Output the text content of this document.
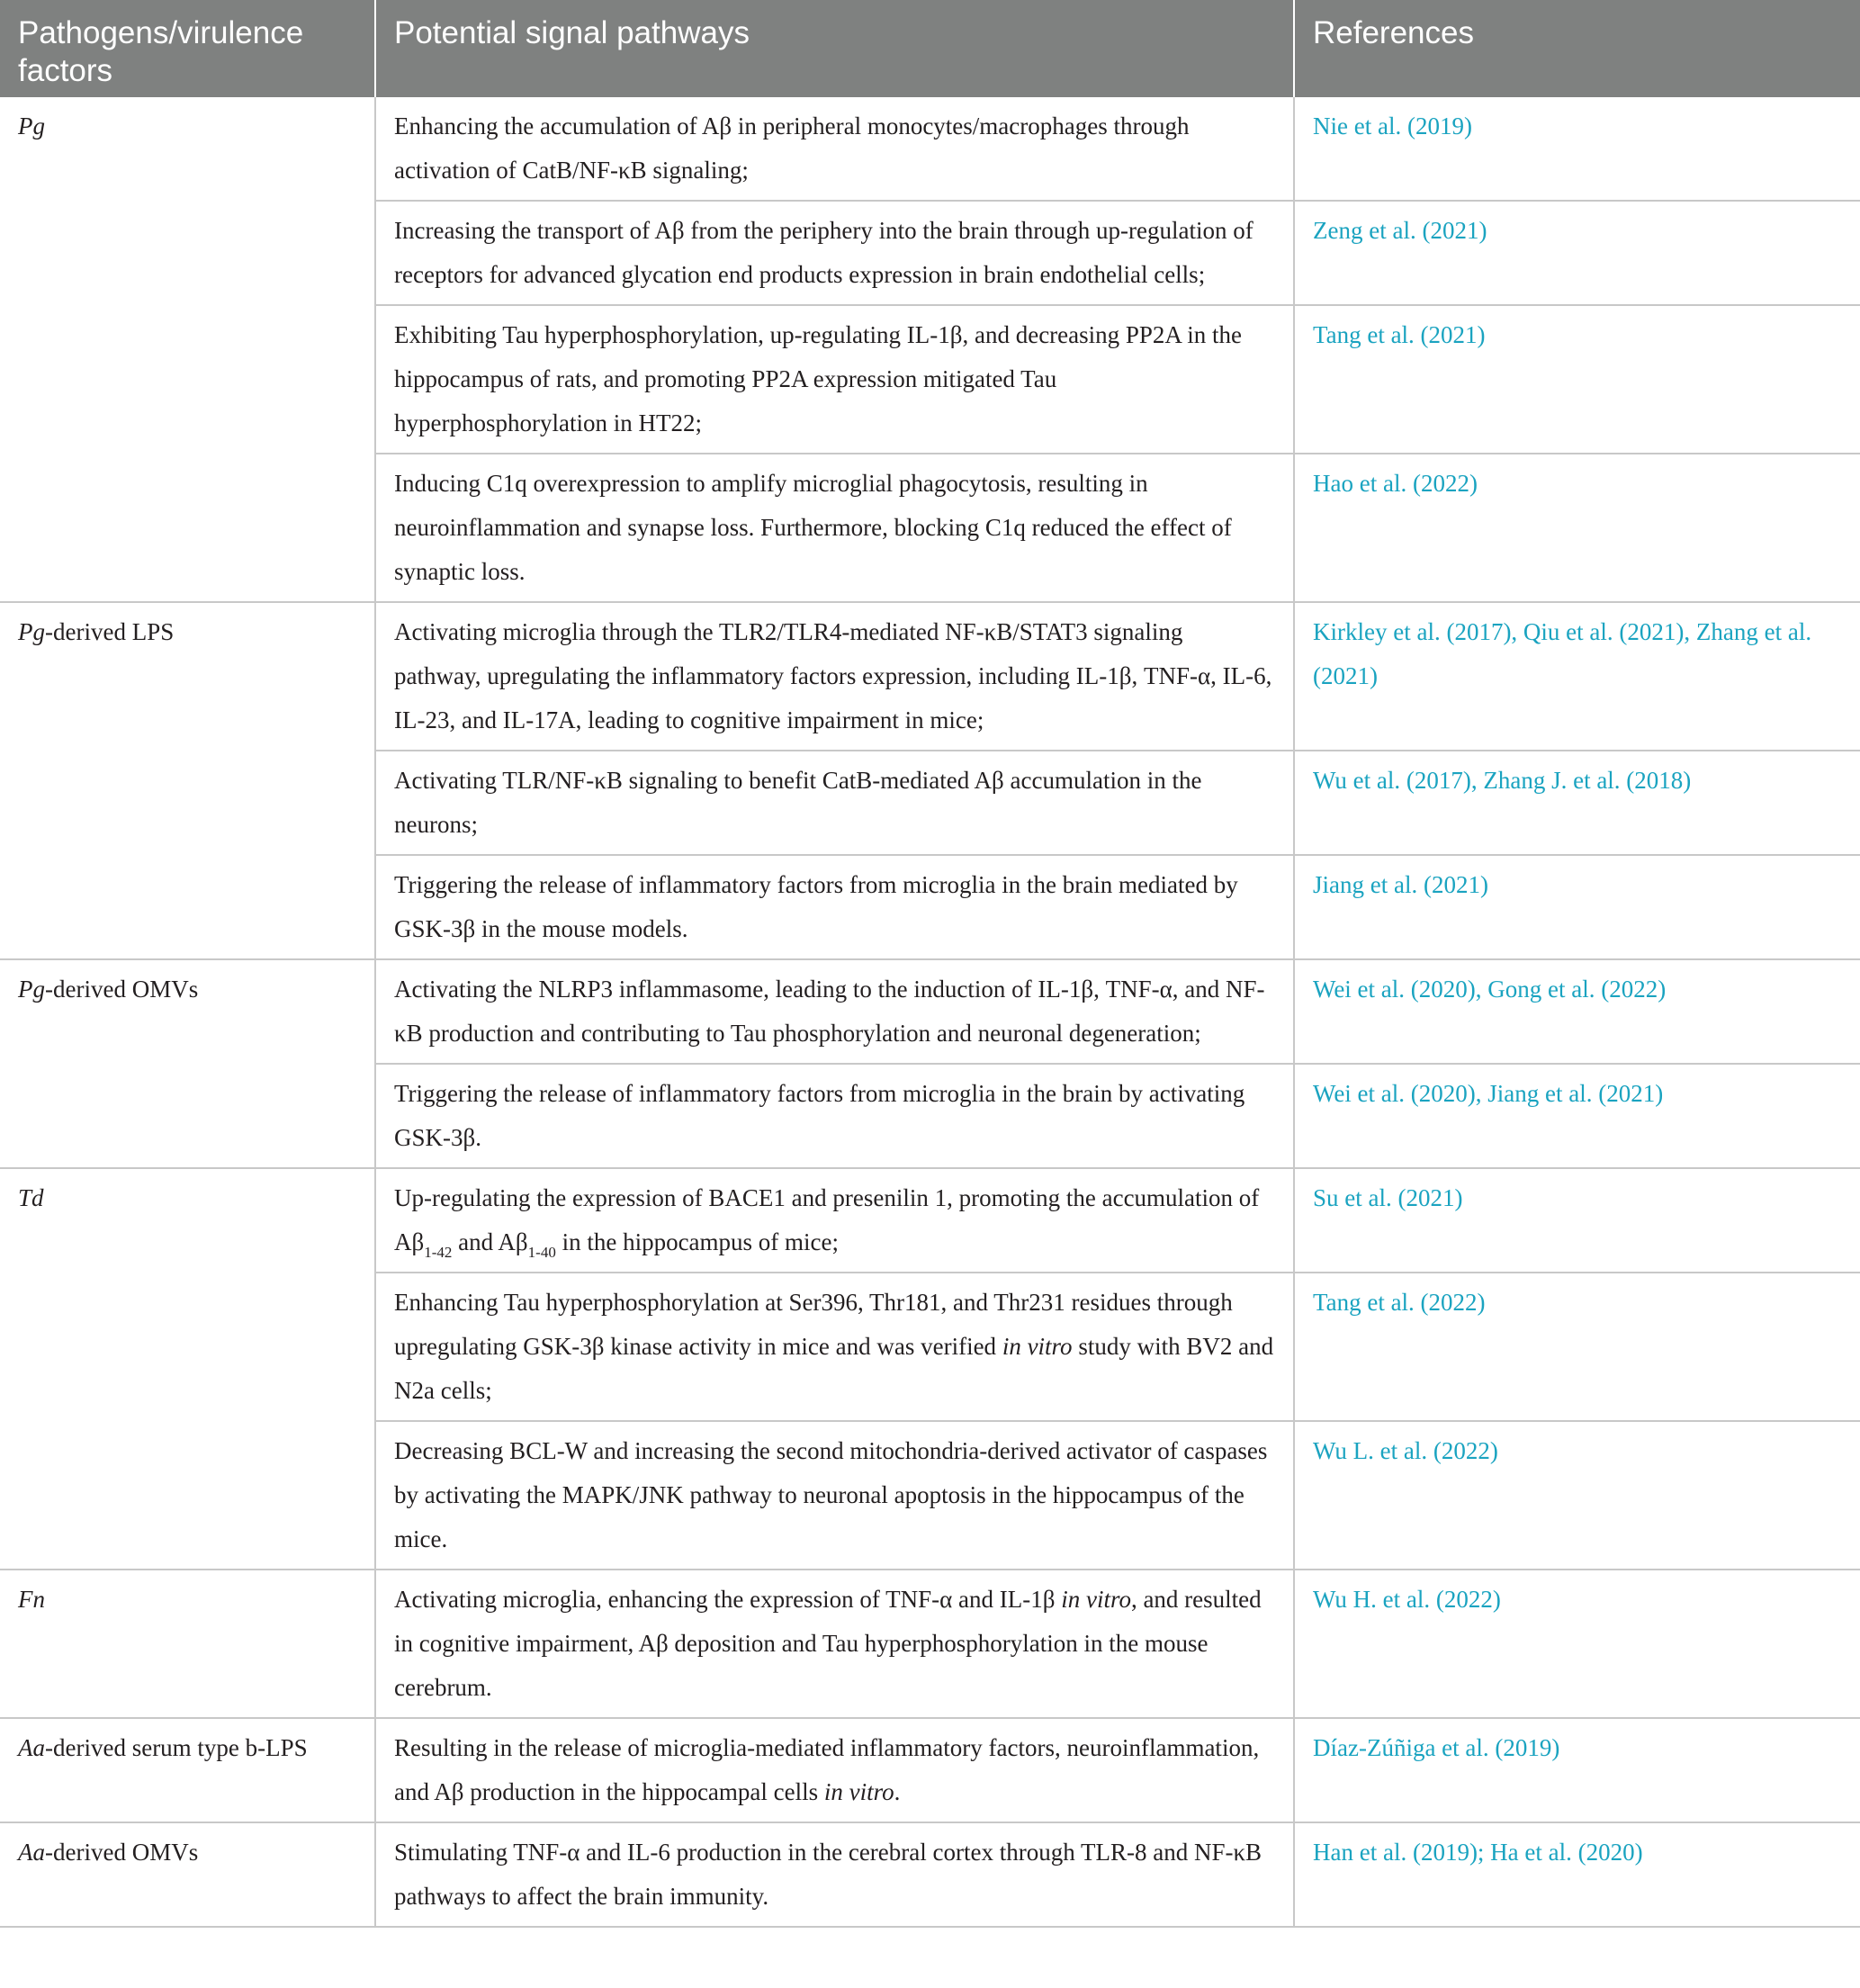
Pathogens/virulence factors	Potential signal pathways	References
Pg	Enhancing the accumulation of Aβ in peripheral monocytes/macrophages through activation of CatB/NF-κB signaling;	Nie et al. (2019)
	Increasing the transport of Aβ from the periphery into the brain through up-regulation of receptors for advanced glycation end products expression in brain endothelial cells;	Zeng et al. (2021)
	Exhibiting Tau hyperphosphorylation, up-regulating IL-1β, and decreasing PP2A in the hippocampus of rats, and promoting PP2A expression mitigated Tau hyperphosphorylation in HT22;	Tang et al. (2021)
	Inducing C1q overexpression to amplify microglial phagocytosis, resulting in neuroinflammation and synapse loss. Furthermore, blocking C1q reduced the effect of synaptic loss.	Hao et al. (2022)
Pg-derived LPS	Activating microglia through the TLR2/TLR4-mediated NF-κB/STAT3 signaling pathway, upregulating the inflammatory factors expression, including IL-1β, TNF-α, IL-6, IL-23, and IL-17A, leading to cognitive impairment in mice;	Kirkley et al. (2017), Qiu et al. (2021), Zhang et al. (2021)
	Activating TLR/NF-κB signaling to benefit CatB-mediated Aβ accumulation in the neurons;	Wu et al. (2017), Zhang J. et al. (2018)
	Triggering the release of inflammatory factors from microglia in the brain mediated by GSK-3β in the mouse models.	Jiang et al. (2021)
Pg-derived OMVs	Activating the NLRP3 inflammasome, leading to the induction of IL-1β, TNF-α, and NF-κB production and contributing to Tau phosphorylation and neuronal degeneration;	Wei et al. (2020), Gong et al. (2022)
	Triggering the release of inflammatory factors from microglia in the brain by activating GSK-3β.	Wei et al. (2020), Jiang et al. (2021)
Td	Up-regulating the expression of BACE1 and presenilin 1, promoting the accumulation of $A\beta_{1-42}$ and $A\beta_{1-40}$ in the hippocampus of mice;	Su et al. (2021)
	Enhancing Tau hyperphosphorylation at Ser396, Thr181, and Thr231 residues through upregulating GSK-3β kinase activity in mice and was verified in vitro study with BV2 and N2a cells;	Tang et al. (2022)
	Decreasing BCL-W and increasing the second mitochondria-derived activator of caspases by activating the MAPK/JNK pathway to neuronal apoptosis in the hippocampus of the mice.	Wu L. et al. (2022)
Fn	Activating microglia, enhancing the expression of TNF-α and IL-1β in vitro, and resulted in cognitive impairment, Aβ deposition and Tau hyperphosphorylation in the mouse cerebrum.	Wu H. et al. (2022)
Aa-derived serum type b-LPS	Resulting in the release of microglia-mediated inflammatory factors, neuroinflammation, and Aβ production in the hippocampal cells in vitro.	Díaz-Zúñiga et al. (2019)
Aa-derived OMVs	Stimulating TNF-α and IL-6 production in the cerebral cortex through TLR-8 and NF-κB pathways to affect the brain immunity.	Han et al. (2019); Ha et al. (2020)
